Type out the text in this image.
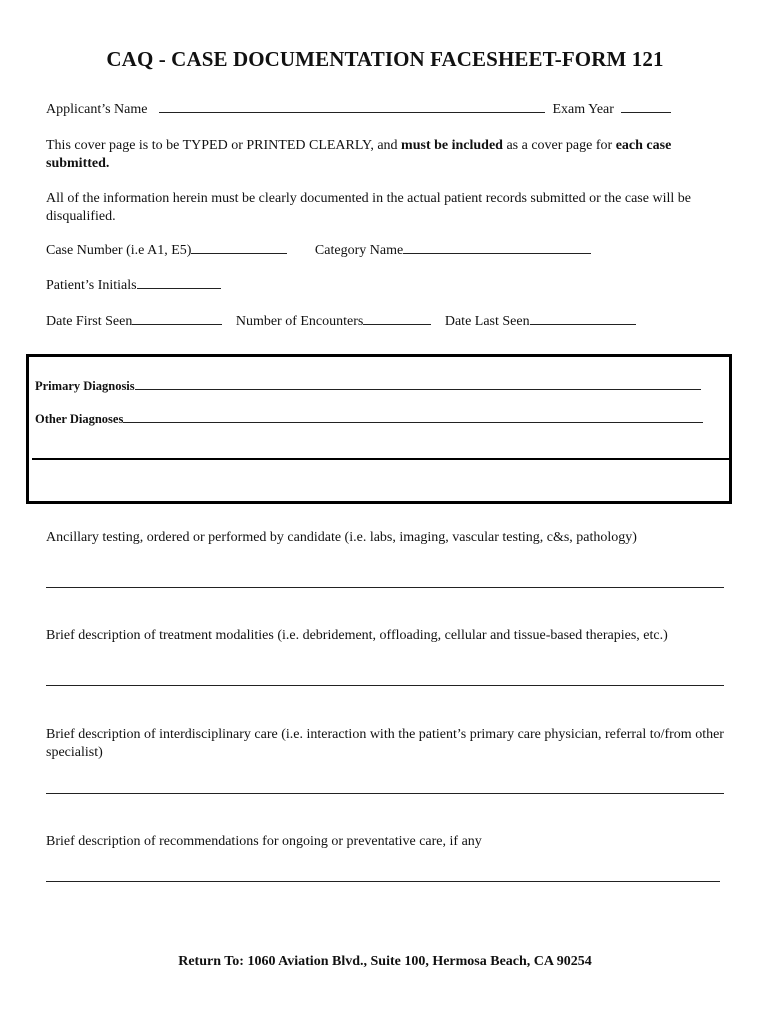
CAQ - CASE DOCUMENTATION FACESHEET-FORM 121
Applicant’s Name	Exam Year
This cover page is to be TYPED or PRINTED CLEARLY, and must be included as a cover page for each case submitted.
All of the information herein must be clearly documented in the actual patient records submitted or the case will be disqualified.
Case Number (i.e A1, E5)	Category Name
Patient’s Initials
Date First Seen	Number of Encounters	Date Last Seen
Primary Diagnosis
Other Diagnoses
Ancillary testing, ordered or performed by candidate (i.e. labs, imaging, vascular testing, c&s, pathology)
Brief description of treatment modalities (i.e. debridement, offloading, cellular and tissue-based therapies, etc.)
Brief description of interdisciplinary care (i.e. interaction with the patient’s primary care physician, referral to/from other specialist)
Brief description of recommendations for ongoing or preventative care, if any
Return To: 1060 Aviation Blvd., Suite 100, Hermosa Beach, CA 90254
